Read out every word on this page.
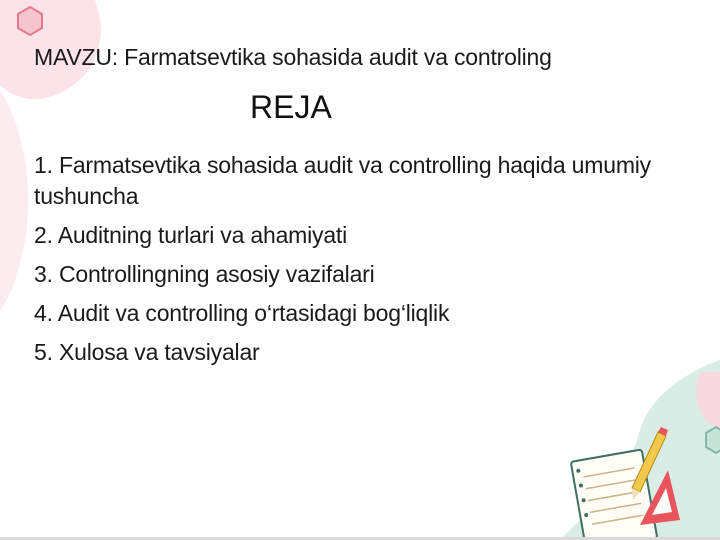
MAVZU: Farmatsevtika sohasida audit va controling
REJA
1. Farmatsevtika sohasida audit va controlling haqida umumiy tushuncha
2. Auditning turlari va ahamiyati
3. Controllingning asosiy vazifalari
4. Audit va controlling o‘rtasidagi bog‘liqlik
5. Xulosa va tavsiyalar
